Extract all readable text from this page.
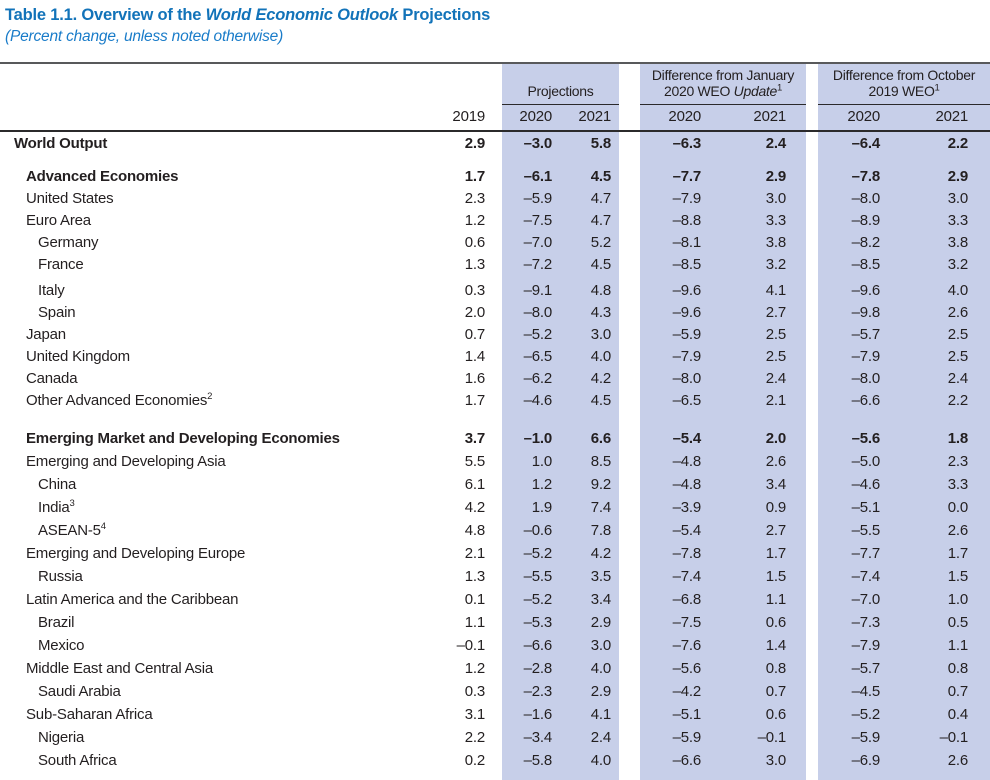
Table 1.1. Overview of the World Economic Outlook Projections
(Percent change, unless noted otherwise)
			Projections			Difference from January
2020 WEO Update$^1$			Difference from October
2019 WEO$^1$
	2019		2020	2021		2020	2021		2020	2021
World Output	2.9		–3.0	5.8		–6.3	2.4		–6.4	2.2

Advanced Economies	1.7		–6.1	4.5		–7.7	2.9		–7.8	2.9
United States	2.3		–5.9	4.7		–7.9	3.0		–8.0	3.0
Euro Area	1.2		–7.5	4.7		–8.8	3.3		–8.9	3.3
Germany	0.6		–7.0	5.2		–8.1	3.8		–8.2	3.8
France	1.3		–7.2	4.5		–8.5	3.2		–8.5	3.2

Italy	0.3		–9.1	4.8		–9.6	4.1		–9.6	4.0
Spain	2.0		–8.0	4.3		–9.6	2.7		–9.8	2.6
Japan	0.7		–5.2	3.0		–5.9	2.5		–5.7	2.5
United Kingdom	1.4		–6.5	4.0		–7.9	2.5		–7.9	2.5
Canada	1.6		–6.2	4.2		–8.0	2.4		–8.0	2.4
Other Advanced Economies$^2$	1.7		–4.6	4.5		–6.5	2.1		–6.6	2.2

Emerging Market and Developing Economies	3.7		–1.0	6.6		–5.4	2.0		–5.6	1.8
Emerging and Developing Asia	5.5		1.0	8.5		–4.8	2.6		–5.0	2.3
China	6.1		1.2	9.2		–4.8	3.4		–4.6	3.3
India$^3$	4.2		1.9	7.4		–3.9	0.9		–5.1	0.0
ASEAN-$5^4$	4.8		–0.6	7.8		–5.4	2.7		–5.5	2.6
Emerging and Developing Europe	2.1		–5.2	4.2		–7.8	1.7		–7.7	1.7
Russia	1.3		–5.5	3.5		–7.4	1.5		–7.4	1.5
Latin America and the Caribbean	0.1		–5.2	3.4		–6.8	1.1		–7.0	1.0
Brazil	1.1		–5.3	2.9		–7.5	0.6		–7.3	0.5
Mexico	–0.1		–6.6	3.0		–7.6	1.4		–7.9	1.1
Middle East and Central Asia	1.2		–2.8	4.0		–5.6	0.8		–5.7	0.8
Saudi Arabia	0.3		–2.3	2.9		–4.2	0.7		–4.5	0.7
Sub-Saharan Africa	3.1		–1.6	4.1		–5.1	0.6		–5.2	0.4
Nigeria	2.2		–3.4	2.4		–5.9	–0.1		–5.9	–0.1
South Africa	0.2		–5.8	4.0		–6.6	3.0		–6.9	2.6
